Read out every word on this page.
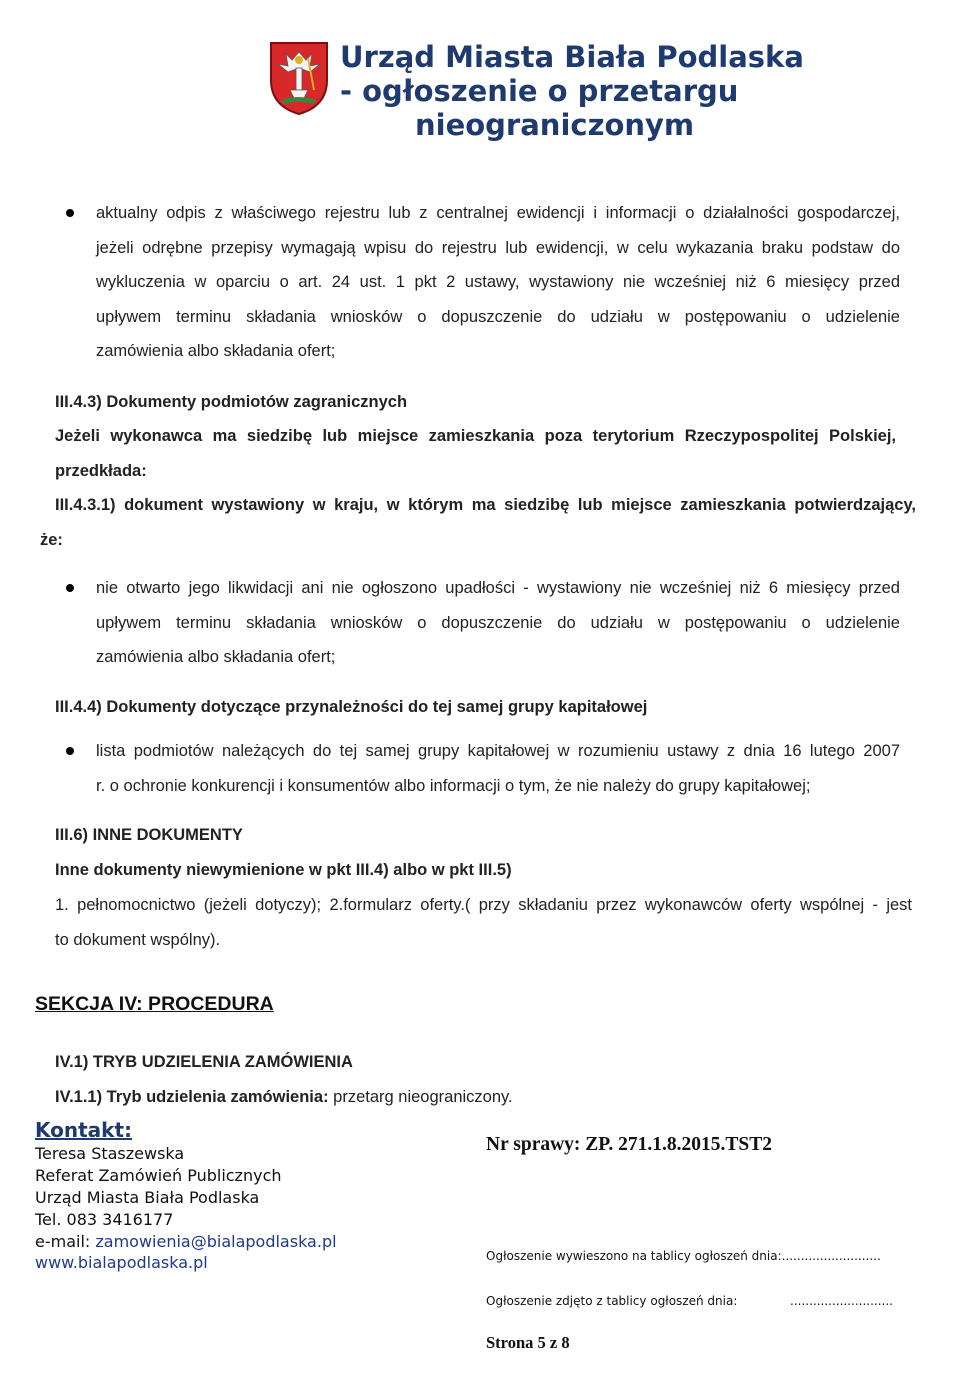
Urząd Miasta Biała Podlaska
- ogłoszenie o przetargu
nieograniczonym
aktualny odpis z właściwego rejestru lub z centralnej ewidencji i informacji o działalności gospodarczej,
jeżeli odrębne przepisy wymagają wpisu do rejestru lub ewidencji, w celu wykazania braku podstaw do
wykluczenia w oparciu o art. 24 ust. 1 pkt 2 ustawy, wystawiony nie wcześniej niż 6 miesięcy przed
upływem terminu składania wniosków o dopuszczenie do udziału w postępowaniu o udzielenie
zamówienia albo składania ofert;
III.4.3) Dokumenty podmiotów zagranicznych
Jeżeli wykonawca ma siedzibę lub miejsce zamieszkania poza terytorium Rzeczypospolitej Polskiej,
przedkłada:
III.4.3.1) dokument wystawiony w kraju, w którym ma siedzibę lub miejsce zamieszkania potwierdzający,
że:
nie otwarto jego likwidacji ani nie ogłoszono upadłości - wystawiony nie wcześniej niż 6 miesięcy przed
upływem terminu składania wniosków o dopuszczenie do udziału w postępowaniu o udzielenie
zamówienia albo składania ofert;
III.4.4) Dokumenty dotyczące przynależności do tej samej grupy kapitałowej
lista podmiotów należących do tej samej grupy kapitałowej w rozumieniu ustawy z dnia 16 lutego 2007
r. o ochronie konkurencji i konsumentów albo informacji o tym, że nie należy do grupy kapitałowej;
III.6) INNE DOKUMENTY
Inne dokumenty niewymienione w pkt III.4) albo w pkt III.5)
1. pełnomocnictwo (jeżeli dotyczy); 2.formularz oferty.( przy składaniu przez wykonawców oferty wspólnej - jest
to dokument wspólny).
SEKCJA IV: PROCEDURA
IV.1) TRYB UDZIELENIA ZAMÓWIENIA
IV.1.1) Tryb udzielenia zamówienia: przetarg nieograniczony.
Kontakt:
Teresa Staszewska
Referat Zamówień Publicznych
Urząd Miasta Biała Podlaska
Tel. 083 3416177
e-mail: zamowienia@bialapodlaska.pl
www.bialapodlaska.pl
Nr sprawy: ZP. 271.1.8.2015.TST2
Ogłoszenie wywieszono na tablicy ogłoszeń dnia:..........................
Ogłoszenie zdjęto z tablicy ogłoszeń dnia:	...........................
Strona 5 z 8
